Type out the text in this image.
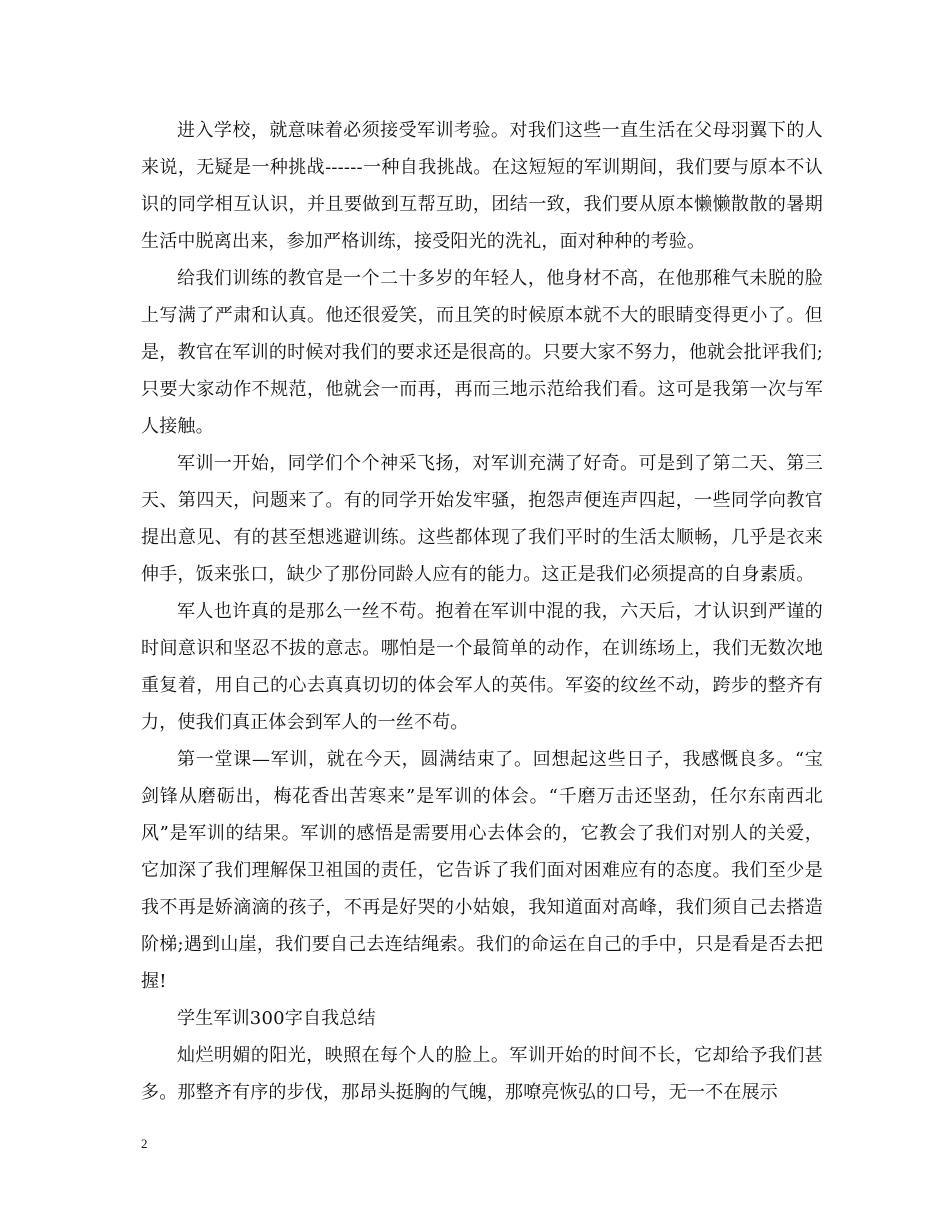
进入学校，就意味着必须接受军训考验。对我们这些一直生活在父母羽翼下的人来说，无疑是一种挑战------一种自我挑战。在这短短的军训期间，我们要与原本不认识的同学相互认识，并且要做到互帮互助，团结一致，我们要从原本懒懒散散的暑期生活中脱离出来，参加严格训练，接受阳光的洗礼，面对种种的考验。

给我们训练的教官是一个二十多岁的年轻人，他身材不高，在他那稚气未脱的脸上写满了严肃和认真。他还很爱笑，而且笑的时候原本就不大的眼睛变得更小了。但是，教官在军训的时候对我们的要求还是很高的。只要大家不努力，他就会批评我们;只要大家动作不规范，他就会一而再，再而三地示范给我们看。这可是我第一次与军人接触。

军训一开始，同学们个个神采飞扬，对军训充满了好奇。可是到了第二天、第三天、第四天，问题来了。有的同学开始发牢骚，抱怨声便连声四起，一些同学向教官提出意见、有的甚至想逃避训练。这些都体现了我们平时的生活太顺畅，几乎是衣来伸手，饭来张口，缺少了那份同龄人应有的能力。这正是我们必须提高的自身素质。

军人也许真的是那么一丝不苟。抱着在军训中混的我，六天后，才认识到严谨的时间意识和坚忍不拔的意志。哪怕是一个最简单的动作，在训练场上，我们无数次地重复着，用自己的心去真真切切的体会军人的英伟。军姿的纹丝不动，跨步的整齐有力，使我们真正体会到军人的一丝不苟。

第一堂课—军训，就在今天，圆满结束了。回想起这些日子，我感慨良多。“宝剑锋从磨砺出，梅花香出苦寒来”是军训的体会。“千磨万击还坚劲，任尔东南西北风”是军训的结果。军训的感悟是需要用心去体会的，它教会了我们对别人的关爱，它加深了我们理解保卫祖国的责任，它告诉了我们面对困难应有的态度。我们至少是我不再是娇滴滴的孩子，不再是好哭的小姑娘，我知道面对高峰，我们须自己去搭造阶梯;遇到山崖，我们要自己去连结绳索。我们的命运在自己的手中，只是看是否去把握!

学生军训300字自我总结

灿烂明媚的阳光，映照在每个人的脸上。军训开始的时间不长，它却给予我们甚多。那整齐有序的步伐，那昂头挺胸的气魄，那嘹亮恢弘的口号，无一不在展示

2
